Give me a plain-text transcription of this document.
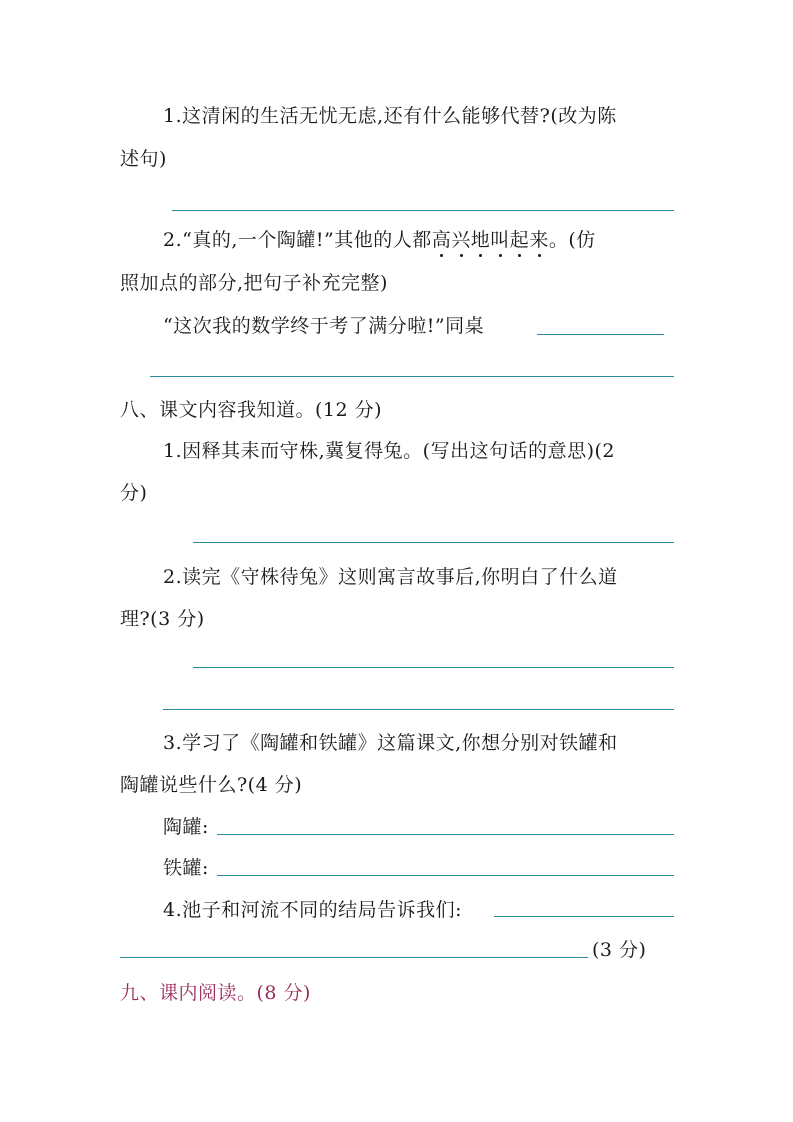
1.这清闲的生活无忧无虑,还有什么能够代替?(改为陈
述句)
2.“真的,一个陶罐!”其他的人都高兴地叫起来。(仿
照加点的部分,把句子补充完整)
“这次我的数学终于考了满分啦!”同桌
八、课文内容我知道。(12 分)
1.因释其耒而守株,冀复得兔。(写出这句话的意思)(2
分)
2.读完《守株待兔》这则寓言故事后,你明白了什么道
理?(3 分)
3.学习了《陶罐和铁罐》这篇课文,你想分别对铁罐和
陶罐说些什么?(4 分)
陶罐:
铁罐:
4.池子和河流不同的结局告诉我们:
(3 分)
九、课内阅读。(8 分)
